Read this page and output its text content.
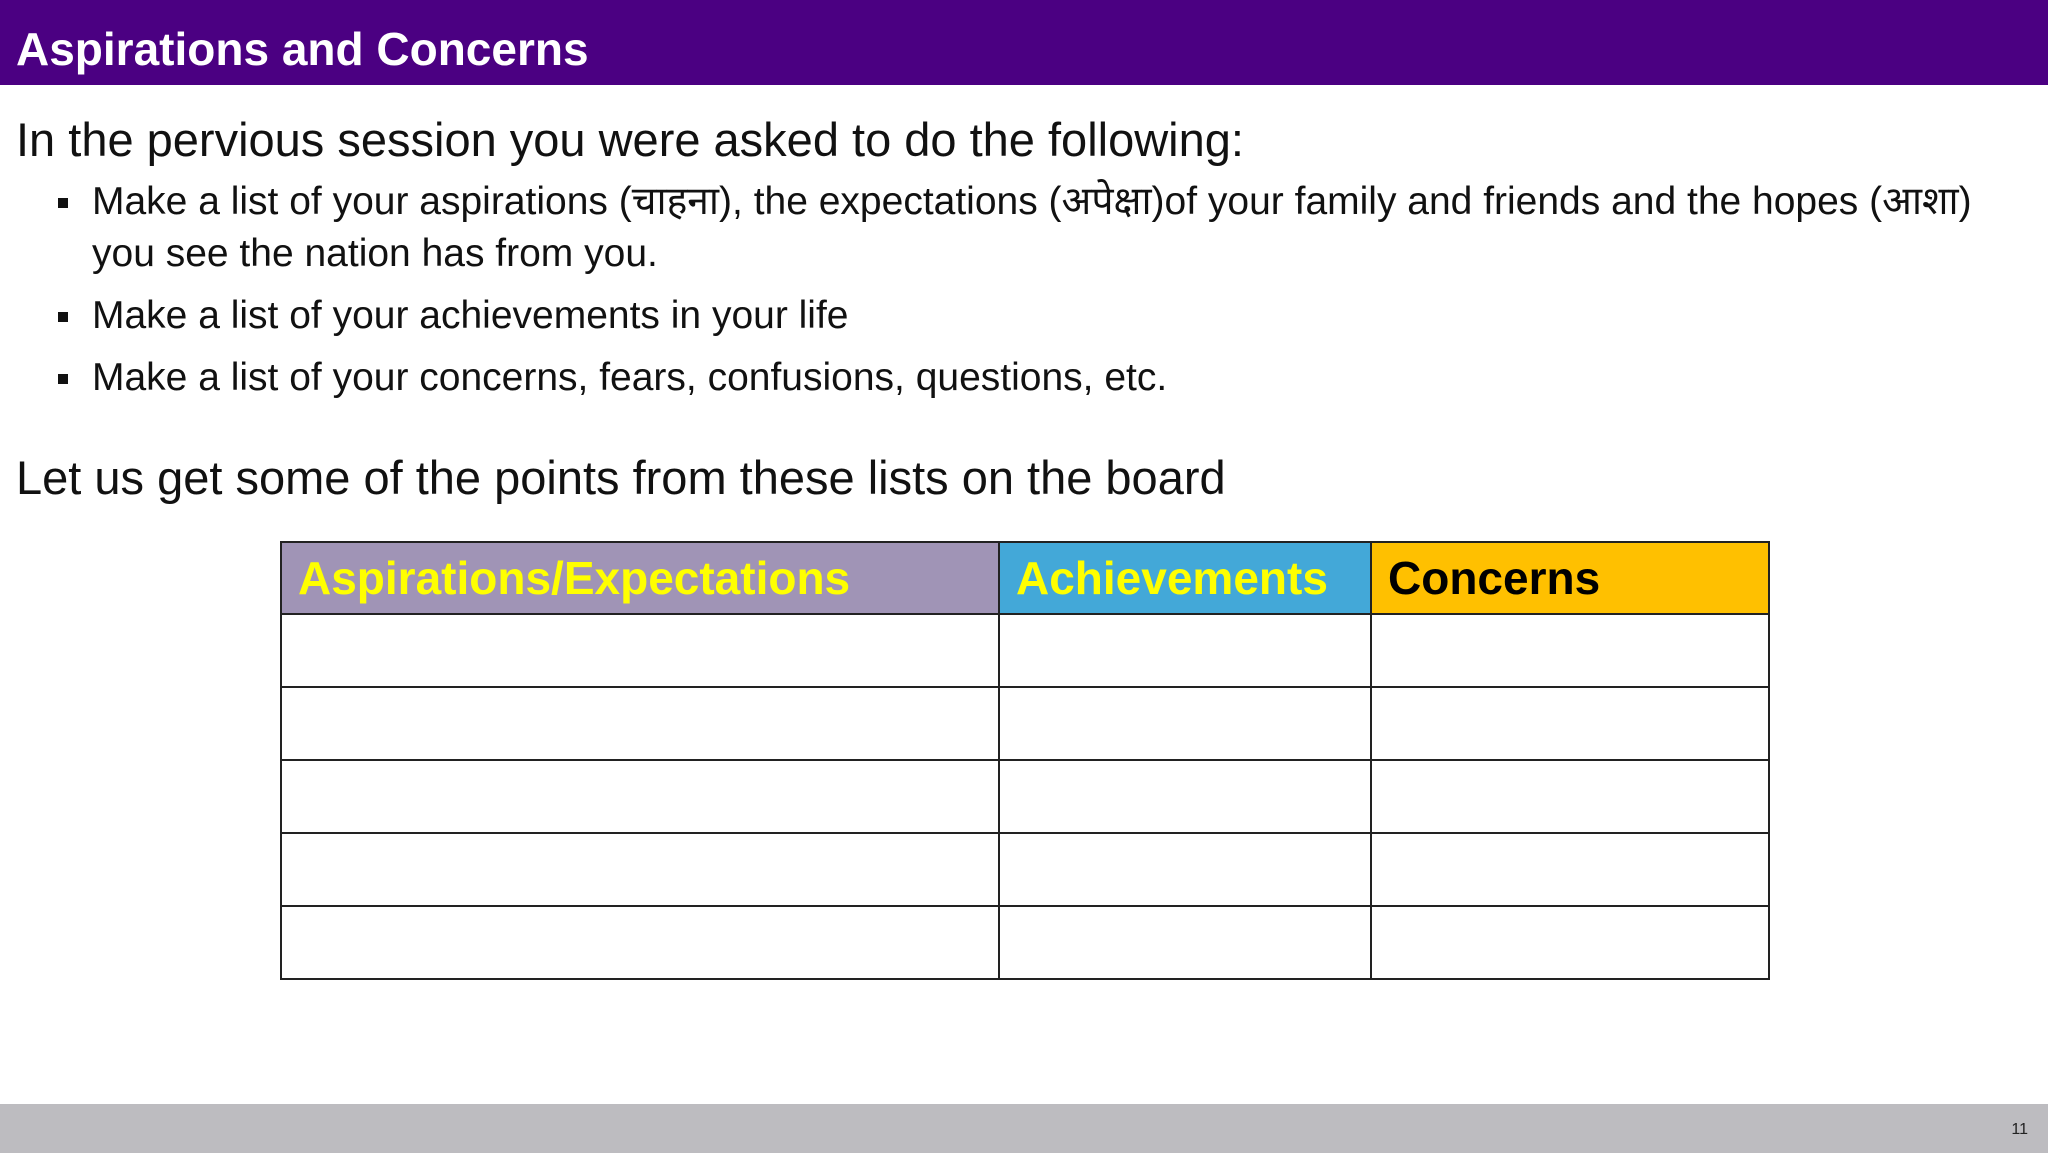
Aspirations and Concerns
In the pervious session you were asked to do the following:
Make a list of your aspirations (चाहना), the expectations (अपेक्षा)of your family and friends and the hopes (आशा) you see the nation has from you.
Make a list of your achievements in your life
Make a list of your concerns, fears, confusions, questions, etc.
Let us get some of the points from these lists on the board
Aspirations/Expectations	Achievements	Concerns

11
